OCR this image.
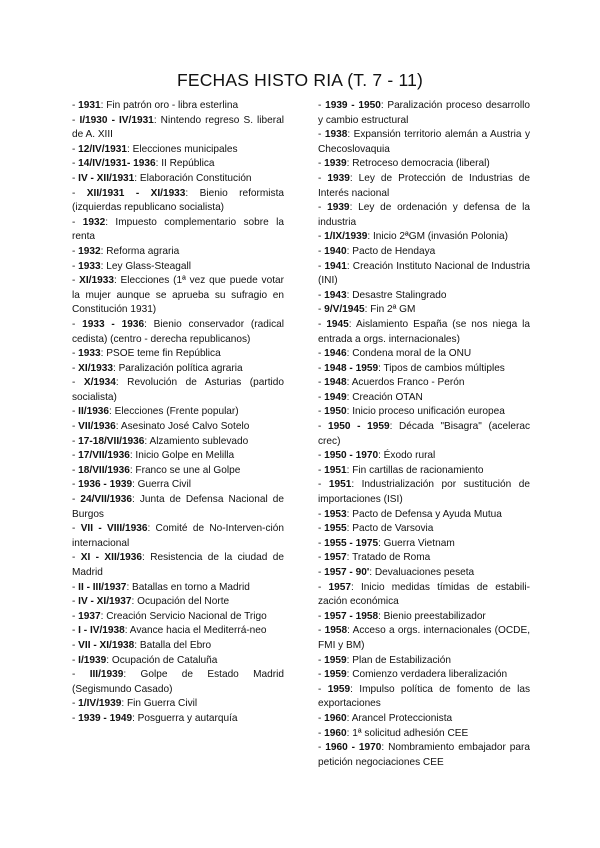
FECHAS HISTO RIA (T. 7 - 11)

- 1931: Fin patrón oro - libra esterlina

- I/1930 - IV/1931: Nintendo regreso S. liberal de A. XIII

- 12/IV/1931: Elecciones municipales

- 14/IV/1931- 1936: II República

- IV - XII/1931: Elaboración Constitución

- XII/1931 - XI/1933: Bienio reformista (izquierdas republicano socialista)

- 1932: Impuesto complementario sobre la renta

- 1932: Reforma agraria

- 1933: Ley Glass-Steagall

- XI/1933: Elecciones (1ª vez que puede votar la mujer aunque se aprueba su sufragio en Constitución 1931)

- 1933 - 1936: Bienio conservador (radical cedista) (centro - derecha republicanos)

- 1933: PSOE teme fin República

- XI/1933: Paralización política agraria

- X/1934: Revolución de Asturias (partido socialista)

- II/1936: Elecciones (Frente popular)

- VII/1936: Asesinato José Calvo Sotelo

- 17-18/VII/1936: Alzamiento sublevado

- 17/VII/1936: Inicio Golpe en Melilla

- 18/VII/1936: Franco se une al Golpe

- 1936 - 1939: Guerra Civil

- 24/VII/1936: Junta de Defensa Nacional de Burgos

- VII - VIII/1936: Comité de No-Interven-ción internacional

- XI - XII/1936: Resistencia de la ciudad de Madrid

- II - III/1937: Batallas en torno a Madrid

- IV - XI/1937: Ocupación del Norte

- 1937: Creación Servicio Nacional de Trigo

- I - IV/1938: Avance hacia el Mediterrá-neo

- VII - XI/1938: Batalla del Ebro

- I/1939: Ocupación de Cataluña

- III/1939: Golpe de Estado Madrid (Segismundo Casado)

- 1/IV/1939: Fin Guerra Civil

- 1939 - 1949: Posguerra y autarquía

- 1939 - 1950: Paralización proceso desarrollo y cambio estructural

- 1938: Expansión territorio alemán a Austria y Checoslovaquia

- 1939: Retroceso democracia (liberal)

- 1939: Ley de Protección de Industrias de Interés nacional

- 1939: Ley de ordenación y defensa de la industria

- 1/IX/1939: Inicio 2ªGM (invasión Polonia)

- 1940: Pacto de Hendaya

- 1941: Creación Instituto Nacional de Industria (INI)

- 1943: Desastre Stalingrado

- 9/V/1945: Fin 2ª GM

- 1945: Aislamiento España (se nos niega la entrada a orgs. internacionales)

- 1946: Condena moral de la ONU

- 1948 - 1959: Tipos de cambios múltiples

- 1948: Acuerdos Franco - Perón

- 1949: Creación OTAN

- 1950: Inicio proceso unificación europea

- 1950 - 1959: Década "Bisagra" (acelerac crec)

- 1950 - 1970: Éxodo rural

- 1951: Fin cartillas de racionamiento

- 1951: Industrialización por sustitución de importaciones (ISI)

- 1953: Pacto de Defensa y Ayuda Mutua

- 1955: Pacto de Varsovia

- 1955 - 1975: Guerra Vietnam

- 1957: Tratado de Roma

- 1957 - 90': Devaluaciones peseta

- 1957: Inicio medidas tímidas de estabili-zación económica

- 1957 - 1958: Bienio preestabilizador

- 1958: Acceso a orgs. internacionales (OCDE, FMI y BM)

- 1959: Plan de Estabilización

- 1959: Comienzo verdadera liberalización

- 1959: Impulso política de fomento de las exportaciones

- 1960: Arancel Proteccionista

- 1960: 1ª solicitud adhesión CEE

- 1960 - 1970: Nombramiento embajador para petición negociaciones CEE
